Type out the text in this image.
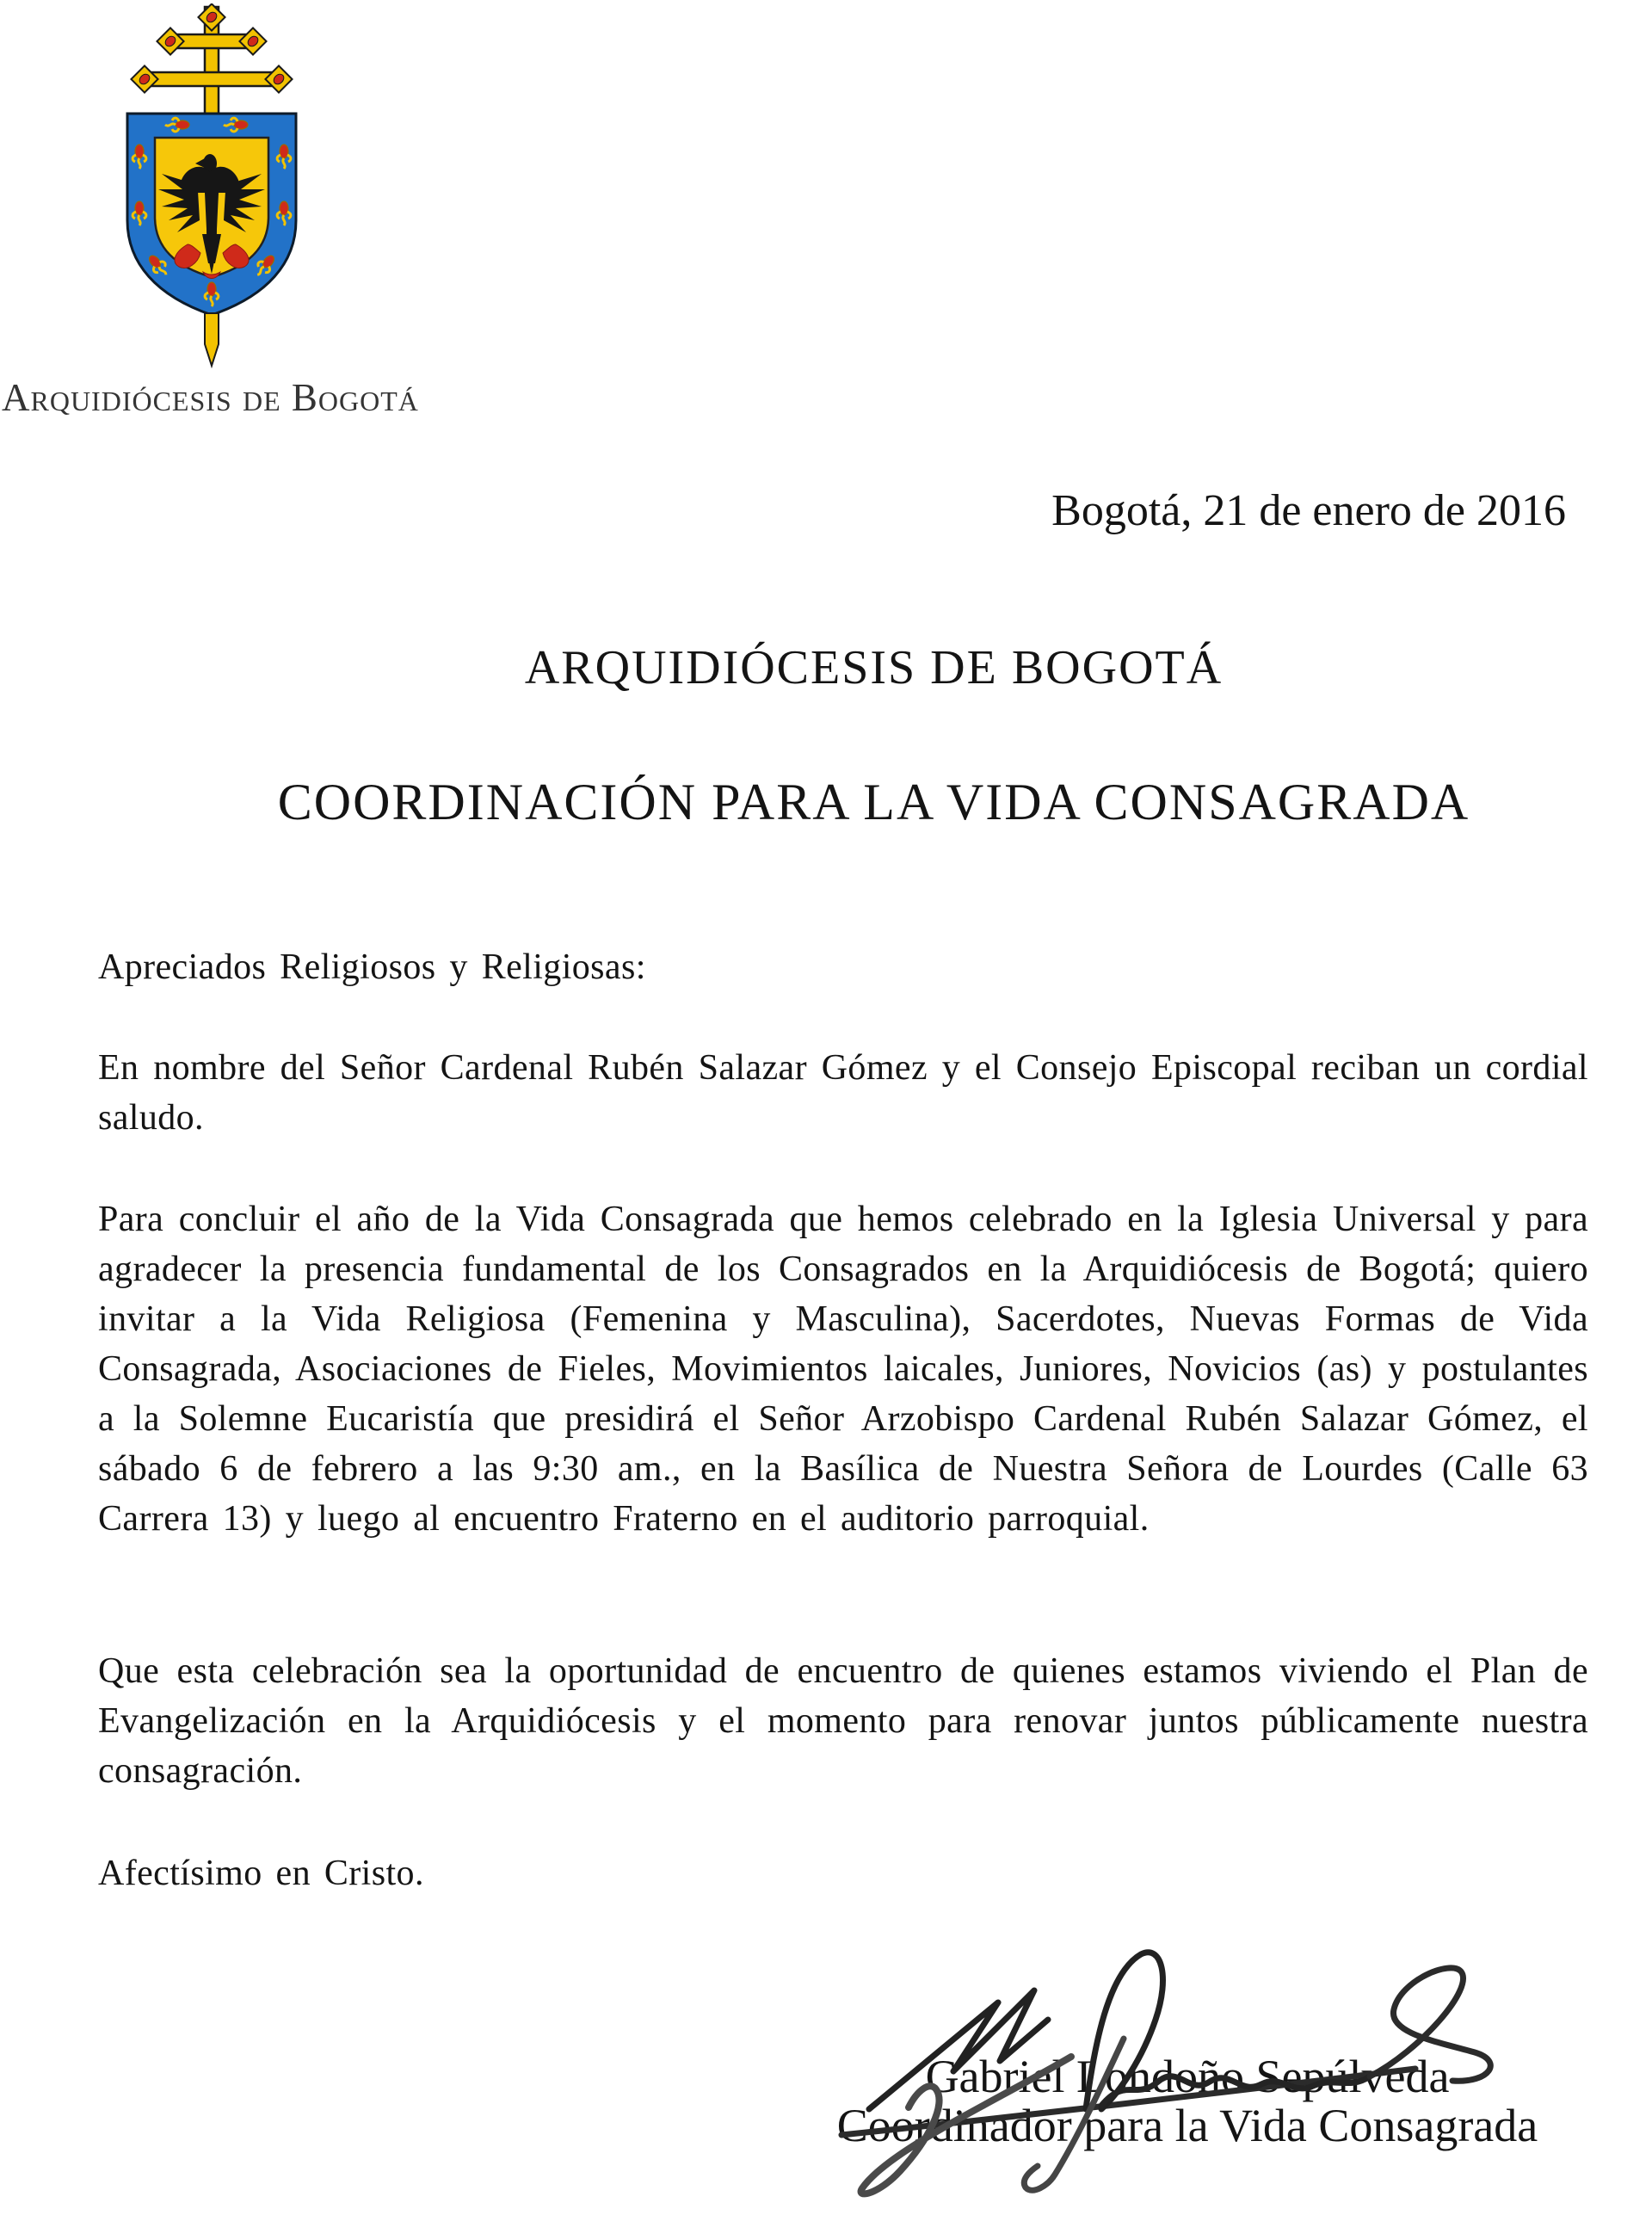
Arquidiócesis de Bogotá
Bogotá, 21 de enero de 2016
ARQUIDIÓCESIS DE BOGOTÁ
COORDINACIÓN PARA LA VIDA CONSAGRADA
Apreciados Religiosos y Religiosas:
En nombre del Señor Cardenal Rubén Salazar Gómez y el Consejo Episcopal reciban un cordial saludo.
Para concluir el año de la Vida Consagrada que hemos celebrado en la Iglesia Universal y para agradecer la presencia fundamental de los Consagrados en la Arquidiócesis de Bogotá; quiero invitar a la Vida Religiosa (Femenina y Masculina), Sacerdotes, Nuevas Formas de Vida Consagrada, Asociaciones de Fieles, Movimientos laicales, Juniores, Novicios (as) y postulantes a la Solemne Eucaristía que presidirá el Señor Arzobispo Cardenal Rubén Salazar Gómez, el sábado 6 de febrero a las 9:30 am., en la Basílica de Nuestra Señora de Lourdes (Calle 63 Carrera 13) y luego al encuentro Fraterno en el auditorio parroquial.
Que esta celebración sea la oportunidad de encuentro de quienes estamos viviendo el Plan de Evangelización en la Arquidiócesis y el momento para renovar juntos públicamente nuestra consagración.
Afectísimo en Cristo.
Gabriel Londoño Sepúlveda
Coordinador para la Vida Consagrada
